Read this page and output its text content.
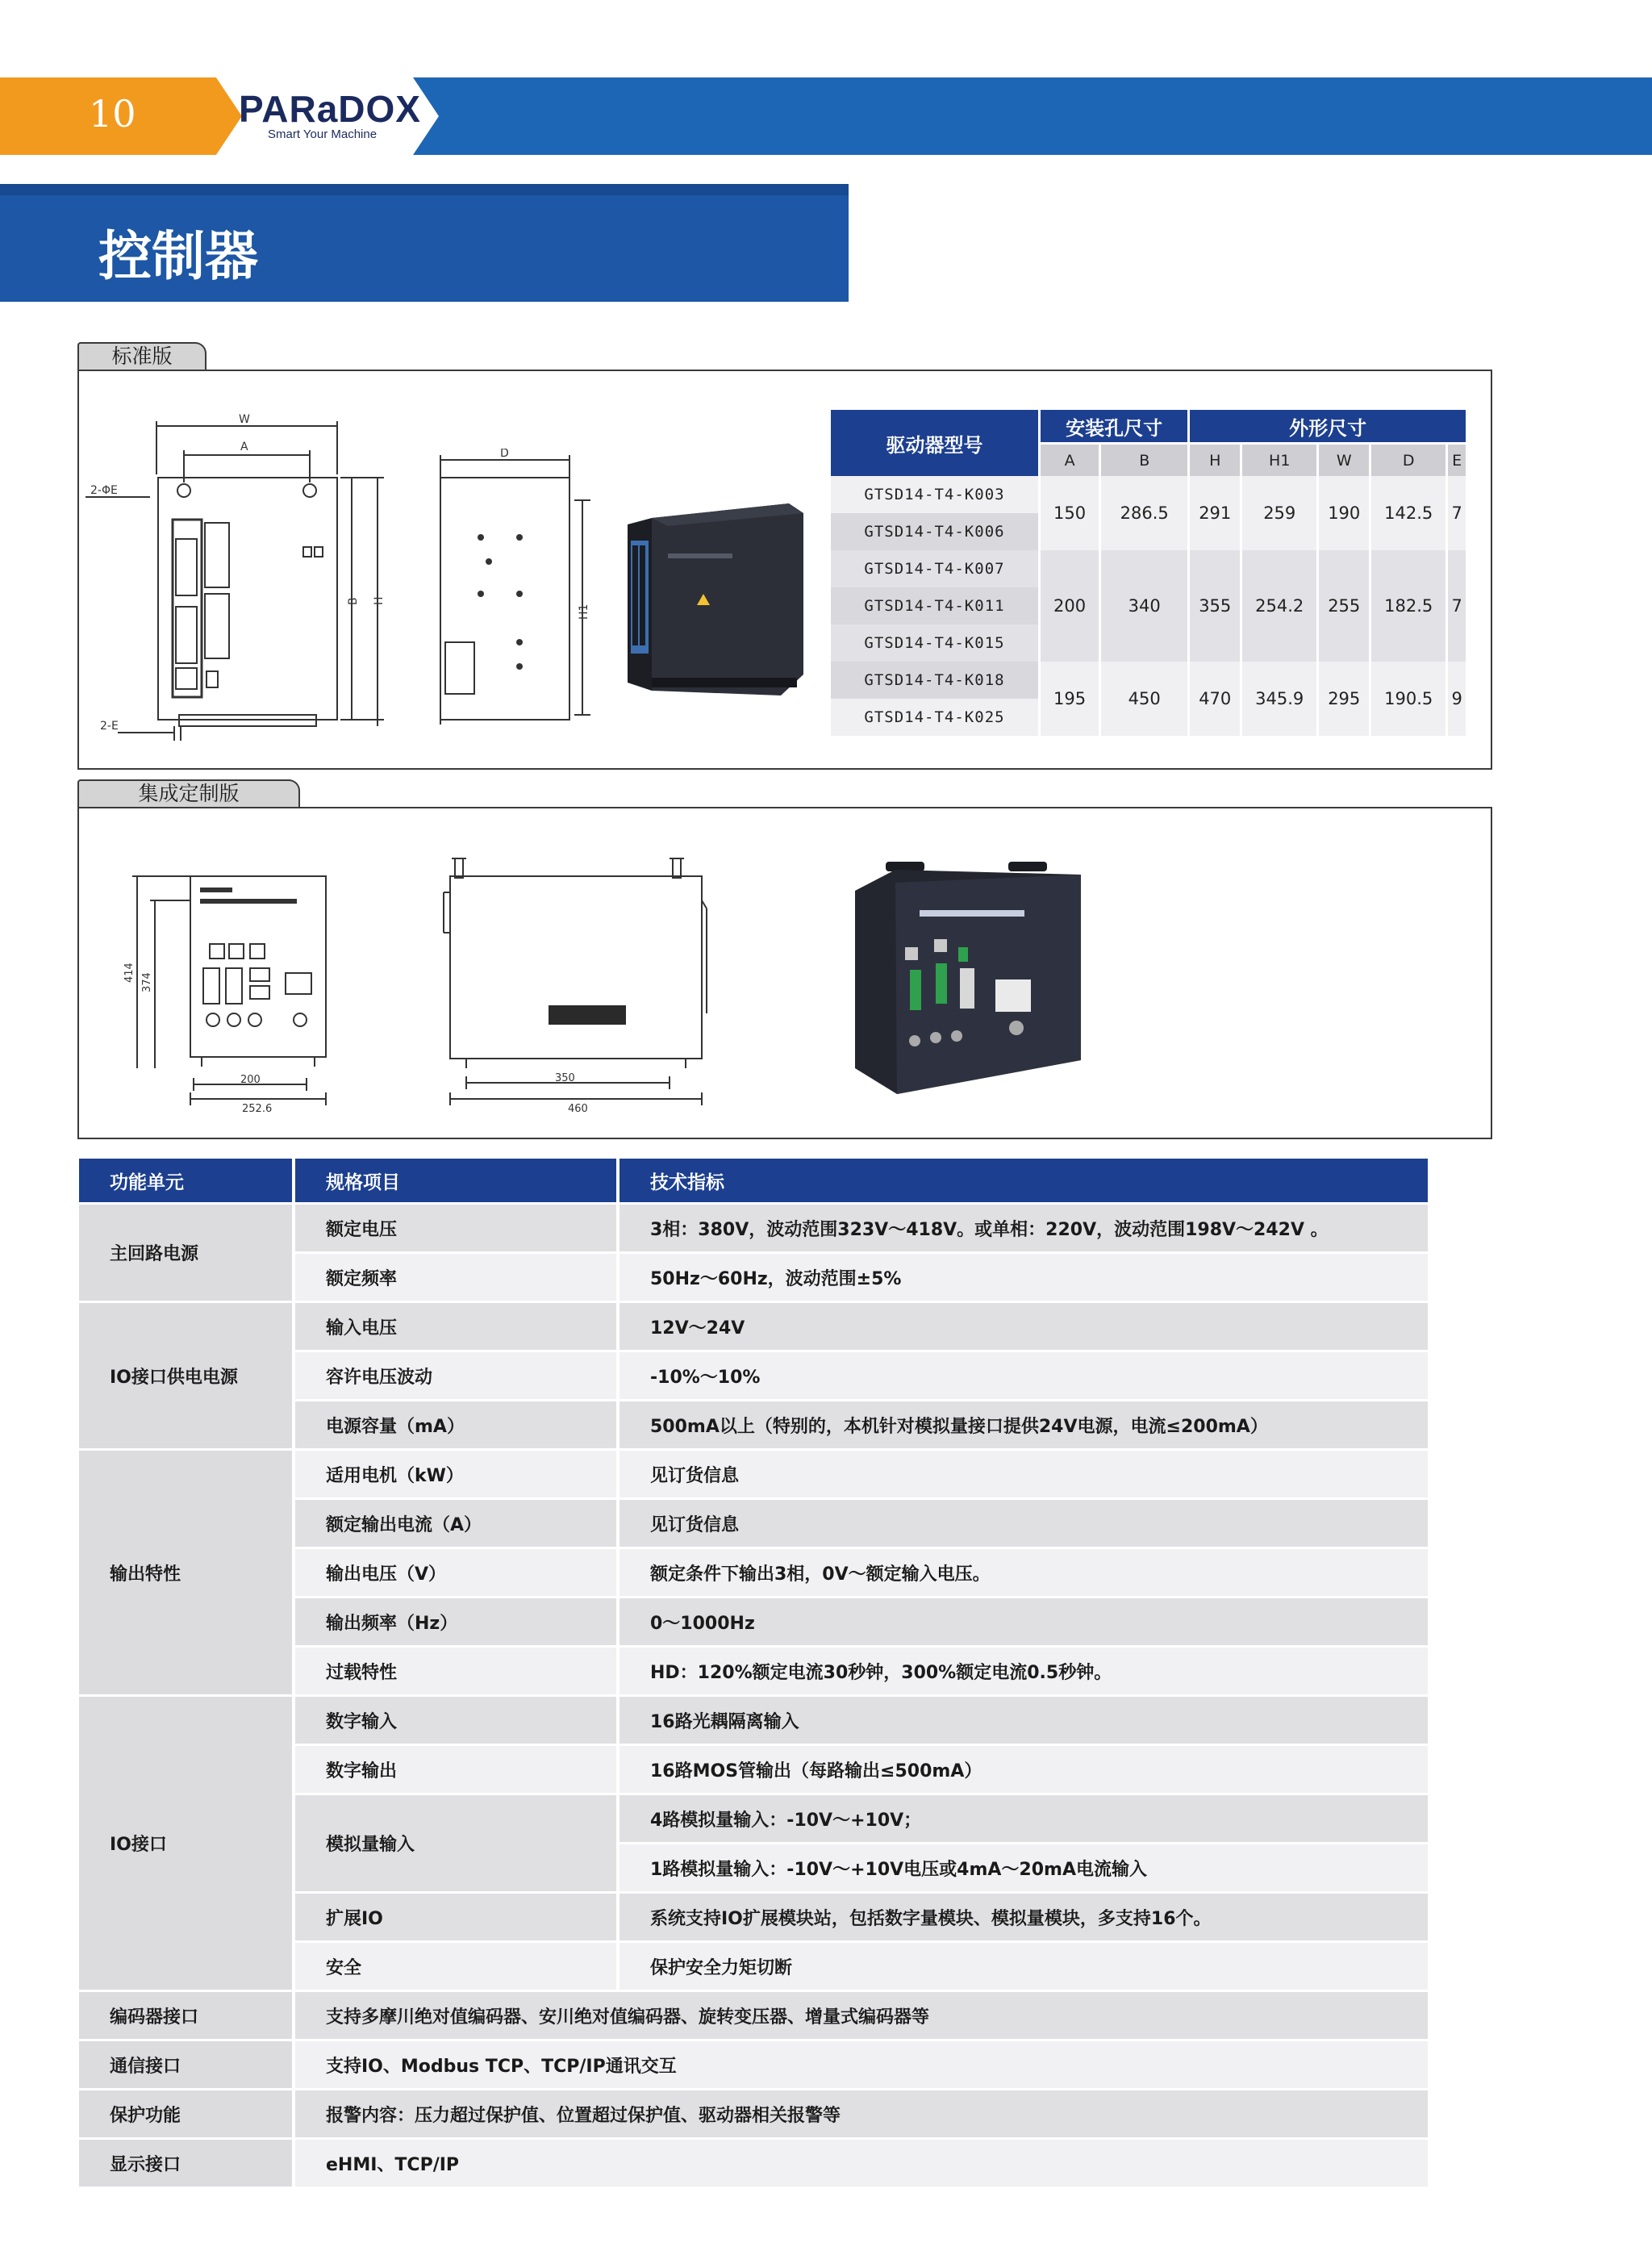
10	PARaDOX
Smart Your Machine
控制器
标准版
W
A
2-ΦE
2-E
B H
D
H1
驱动器型号	安装孔尺寸		外形尺寸				
	A	B	H	H1	W	D	E
GTSD14-T4-K003	150	286.5	291	259	190	142.5	7
GTSD14-T4-K006							
GTSD14-T4-K007	200	340	355	254.2	255	182.5	7
GTSD14-T4-K011							
GTSD14-T4-K015							
GTSD14-T4-K018	195	450	470	345.9	295	190.5	9
GTSD14-T4-K025							
集成定制版
414 374
200
252.6
350
460
功能单元	规格项目	技术指标
主回路电源	额定电压	3相：380V，波动范围323V～418V。或单相：220V，波动范围198V～242V 。
	额定频率	50Hz～60Hz，波动范围±5%
IO接口供电电源	输入电压	12V～24V
	容许电压波动	-10%～10%
	电源容量（mA）	500mA以上（特别的，本机针对模拟量接口提供24V电源，电流≤200mA）
输出特性	适用电机（kW）	见订货信息
	额定输出电流（A）	见订货信息
	输出电压（V）	额定条件下输出3相，0V～额定输入电压。
	输出频率（Hz）	0～1000Hz
	过载特性	HD：120%额定电流30秒钟，300%额定电流0.5秒钟。
IO接口	数字输入	16路光耦隔离输入
	数字输出	16路MOS管输出（每路输出≤500mA）
	模拟量输入	4路模拟量输入：-10V～+10V；
		1路模拟量输入：-10V～+10V电压或4mA～20mA电流输入
	扩展IO	系统支持IO扩展模块站，包括数字量模块、模拟量模块，多支持16个。
	安全	保护安全力矩切断
编码器接口	支持多摩川绝对值编码器、安川绝对值编码器、旋转变压器、增量式编码器等	
通信接口	支持IO、Modbus TCP、TCP/IP通讯交互	
保护功能	报警内容：压力超过保护值、位置超过保护值、驱动器相关报警等	
显示接口	eHMI、TCP/IP	
